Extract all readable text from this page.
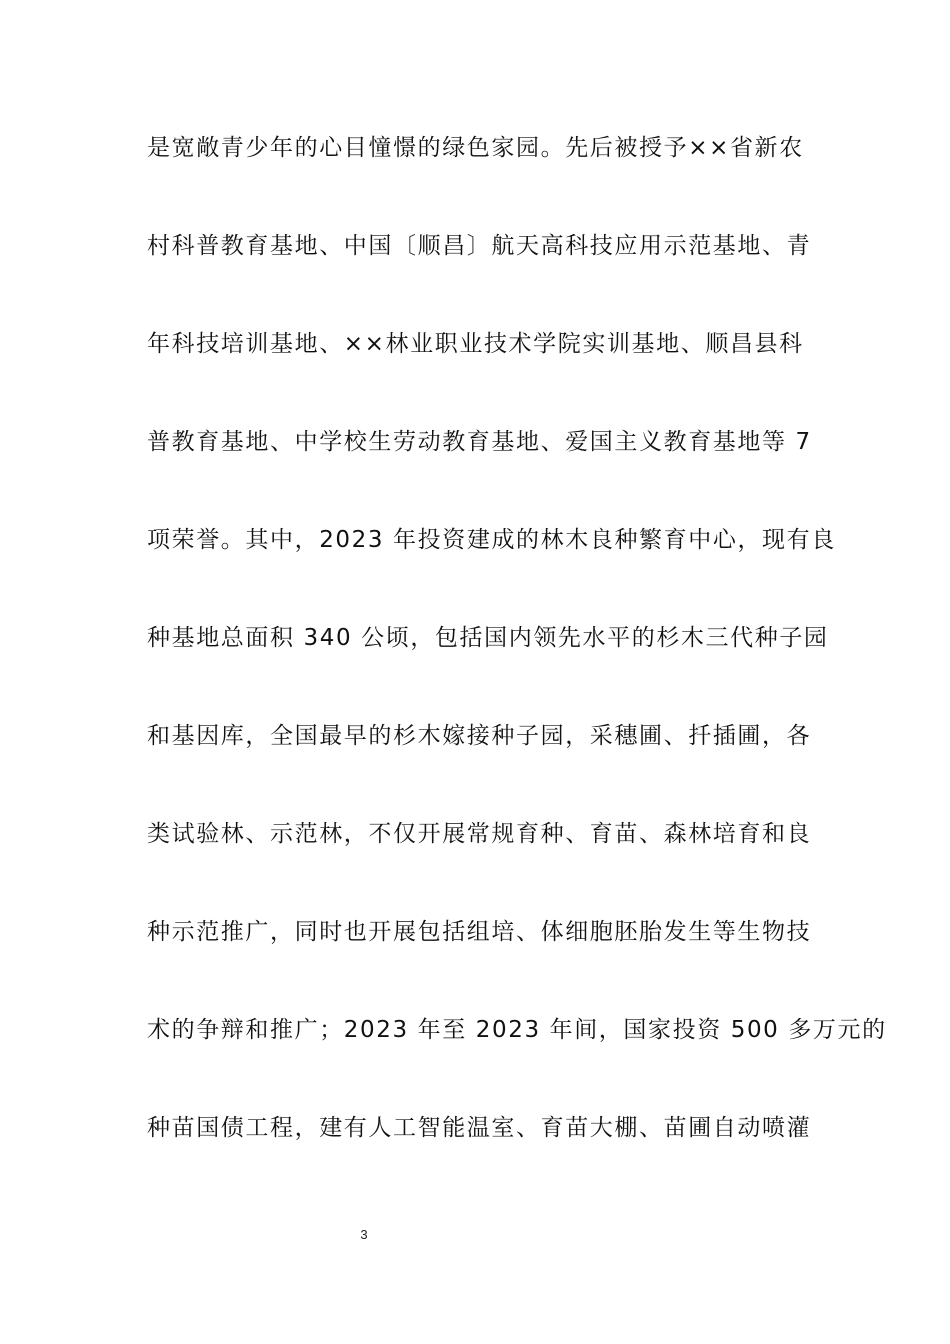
是宽敞青少年的心目憧憬的绿色家园。先后被授予××省新农
村科普教育基地、中国〔顺昌〕航天高科技应用示范基地、青
年科技培训基地、××林业职业技术学院实训基地、顺昌县科
普教育基地、中学校生劳动教育基地、爱国主义教育基地等 7
项荣誉。其中，2023 年投资建成的林木良种繁育中心，现有良
种基地总面积 340 公顷，包括国内领先水平的杉木三代种子园
和基因库，全国最早的杉木嫁接种子园，采穗圃、扦插圃，各
类试验林、示范林，不仅开展常规育种、育苗、森林培育和良
种示范推广，同时也开展包括组培、体细胞胚胎发生等生物技
术的争辩和推广；2023 年至 2023 年间，国家投资 500 多万元的
种苗国债工程，建有人工智能温室、育苗大棚、苗圃自动喷灌
3
